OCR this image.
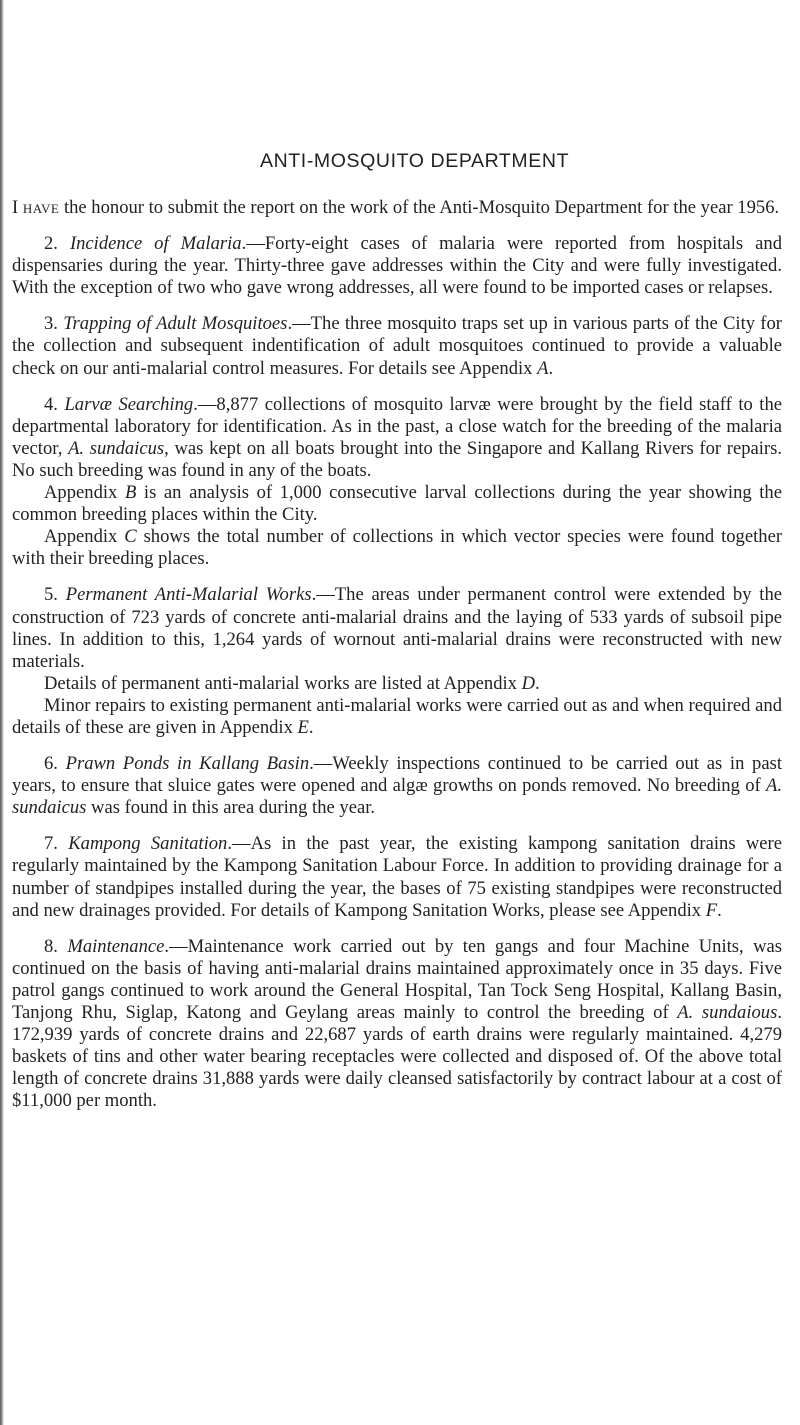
ANTI-MOSQUITO DEPARTMENT

I have the honour to submit the report on the work of the Anti-Mosquito Department for the year 1956.

2. Incidence of Malaria.—Forty-eight cases of malaria were reported from hospitals and dispensaries during the year. Thirty-three gave addresses within the City and were fully investigated. With the exception of two who gave wrong addresses, all were found to be imported cases or relapses.

3. Trapping of Adult Mosquitoes.—The three mosquito traps set up in various parts of the City for the collection and subsequent indentification of adult mosquitoes continued to provide a valuable check on our anti-malarial control measures. For details see Appendix A.

4. Larvæ Searching.—8,877 collections of mosquito larvæ were brought by the field staff to the departmental laboratory for identification. As in the past, a close watch for the breeding of the malaria vector, A. sundaicus, was kept on all boats brought into the Singapore and Kallang Rivers for repairs. No such breeding was found in any of the boats.

Appendix B is an analysis of 1,000 consecutive larval collections during the year showing the common breeding places within the City.

Appendix C shows the total number of collections in which vector species were found together with their breeding places.

5. Permanent Anti-Malarial Works.—The areas under permanent control were extended by the construction of 723 yards of concrete anti-malarial drains and the laying of 533 yards of subsoil pipe lines. In addition to this, 1,264 yards of wornout anti-malarial drains were reconstructed with new materials.

Details of permanent anti-malarial works are listed at Appendix D.

Minor repairs to existing permanent anti-malarial works were carried out as and when required and details of these are given in Appendix E.

6. Prawn Ponds in Kallang Basin.—Weekly inspections continued to be carried out as in past years, to ensure that sluice gates were opened and algæ growths on ponds removed. No breeding of A. sundaicus was found in this area during the year.

7. Kampong Sanitation.—As in the past year, the existing kampong sanitation drains were regularly maintained by the Kampong Sanitation Labour Force. In addition to providing drainage for a number of standpipes installed during the year, the bases of 75 existing standpipes were reconstructed and new drainages provided. For details of Kampong Sanitation Works, please see Appendix F.

8. Maintenance.—Maintenance work carried out by ten gangs and four Machine Units, was continued on the basis of having anti-malarial drains maintained approximately once in 35 days. Five patrol gangs continued to work around the General Hospital, Tan Tock Seng Hospital, Kallang Basin, Tanjong Rhu, Siglap, Katong and Geylang areas mainly to control the breeding of A. sundaious. 172,939 yards of concrete drains and 22,687 yards of earth drains were regularly maintained. 4,279 baskets of tins and other water bearing receptacles were collected and disposed of. Of the above total length of concrete drains 31,888 yards were daily cleansed satisfactorily by contract labour at a cost of $11,000 per month.
